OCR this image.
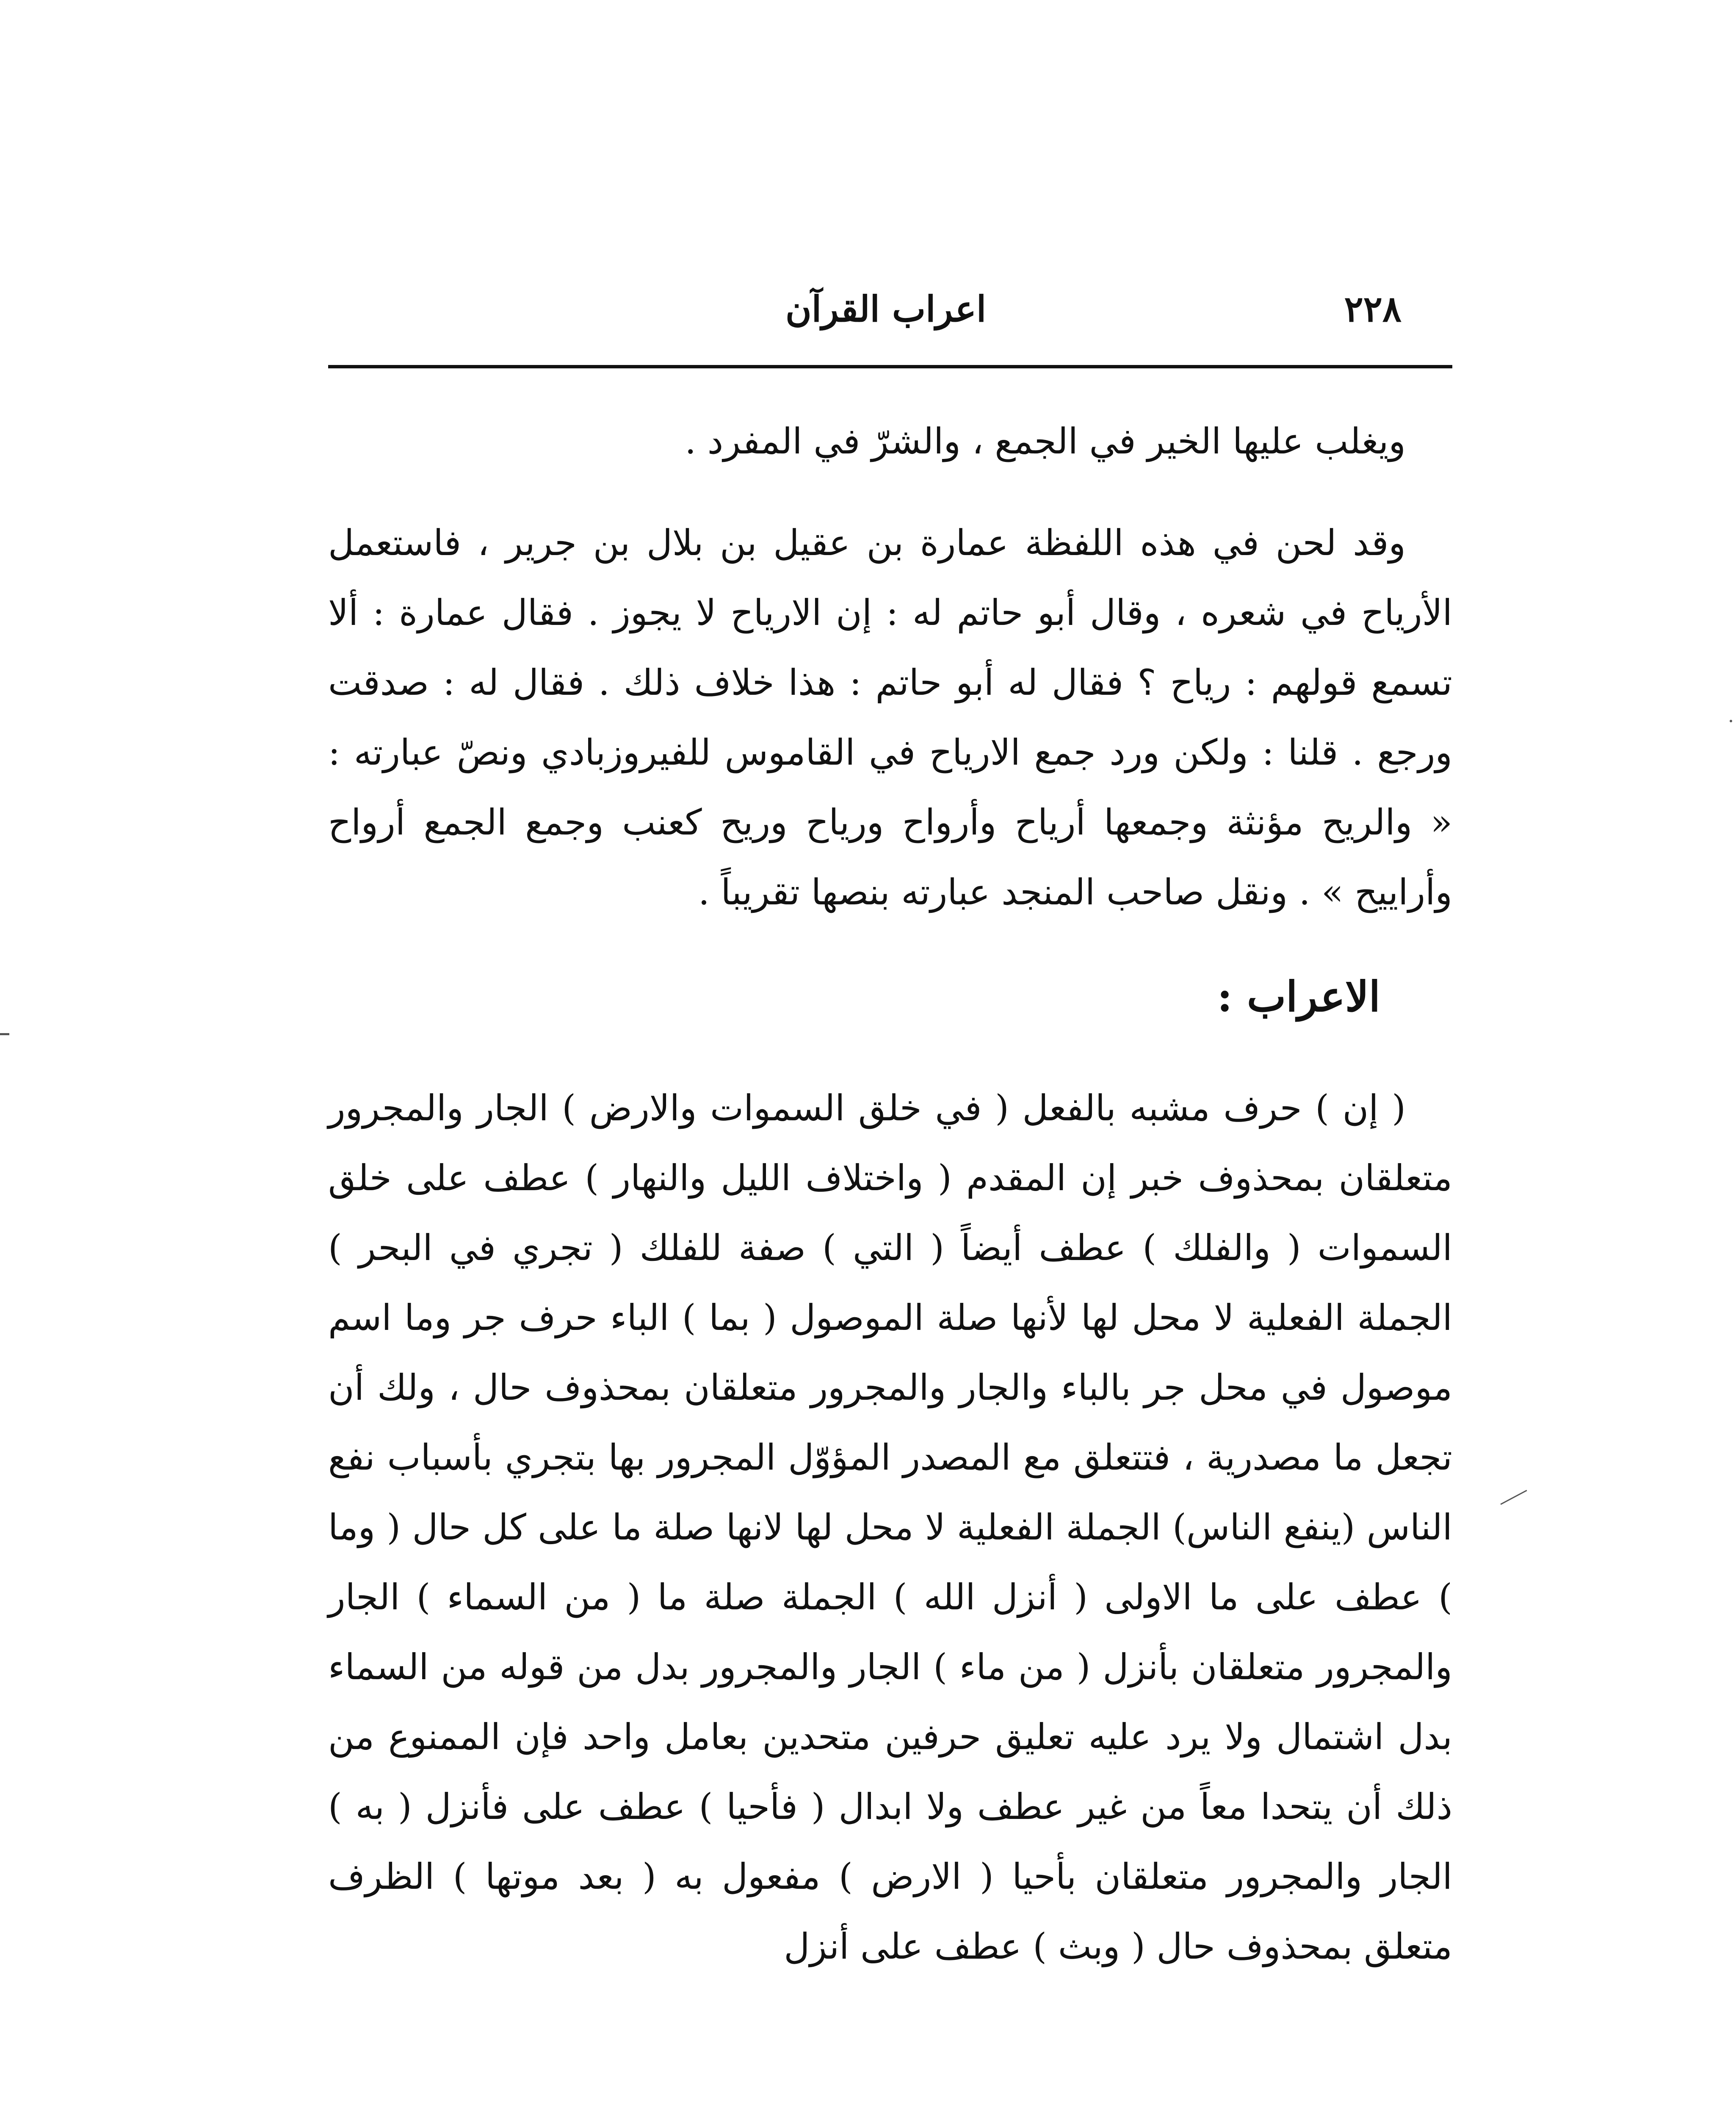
٢٢٨
اعراب القرآن

ويغلب عليها الخير في الجمع ، والشرّ في المفرد .

وقد لحن في هذه اللفظة عمارة بن عقيل بن بلال بن جرير ، فاستعمل الأرياح في شعره ، وقال أبو حاتم له : إن الارياح لا يجوز . فقال عمارة : ألا تسمع قولهم : رياح ؟ فقال له أبو حاتم : هذا خلاف ذلك . فقال له : صدقت ورجع . قلنا : ولكن ورد جمع الارياح في القاموس للفيروزبادي ونصّ عبارته : « والريح مؤنثة وجمعها أرياح وأرواح ورياح وريح كعنب وجمع الجمع أرواح وأراييح » . ونقل صاحب المنجد عبارته بنصها تقريباً .

الاعراب :

( إن ) حرف مشبه بالفعل ( في خلق السموات والارض ) الجار والمجرور متعلقان بمحذوف خبر إن المقدم ( واختلاف الليل والنهار ) عطف على خلق السموات ( والفلك ) عطف أيضاً ( التي ) صفة للفلك ( تجري في البحر ) الجملة الفعلية لا محل لها لأنها صلة الموصول ( بما ) الباء حرف جر وما اسم موصول في محل جر بالباء والجار والمجرور متعلقان بمحذوف حال ، ولك أن تجعل ما مصدرية ، فتتعلق مع المصدر المؤوّل المجرور بها بتجري بأسباب نفع الناس (ينفع الناس) الجملة الفعلية لا محل لها لانها صلة ما على كل حال ( وما ) عطف على ما الاولى ( أنزل الله ) الجملة صلة ما ( من السماء ) الجار والمجرور متعلقان بأنزل ( من ماء ) الجار والمجرور بدل من قوله من السماء بدل اشتمال ولا يرد عليه تعليق حرفين متحدين بعامل واحد فإن الممنوع من ذلك أن يتحدا معاً من غير عطف ولا ابدال ( فأحيا ) عطف على فأنزل ( به ) الجار والمجرور متعلقان بأحيا ( الارض ) مفعول به ( بعد موتها ) الظرف متعلق بمحذوف حال ( وبث ) عطف على أنزل
